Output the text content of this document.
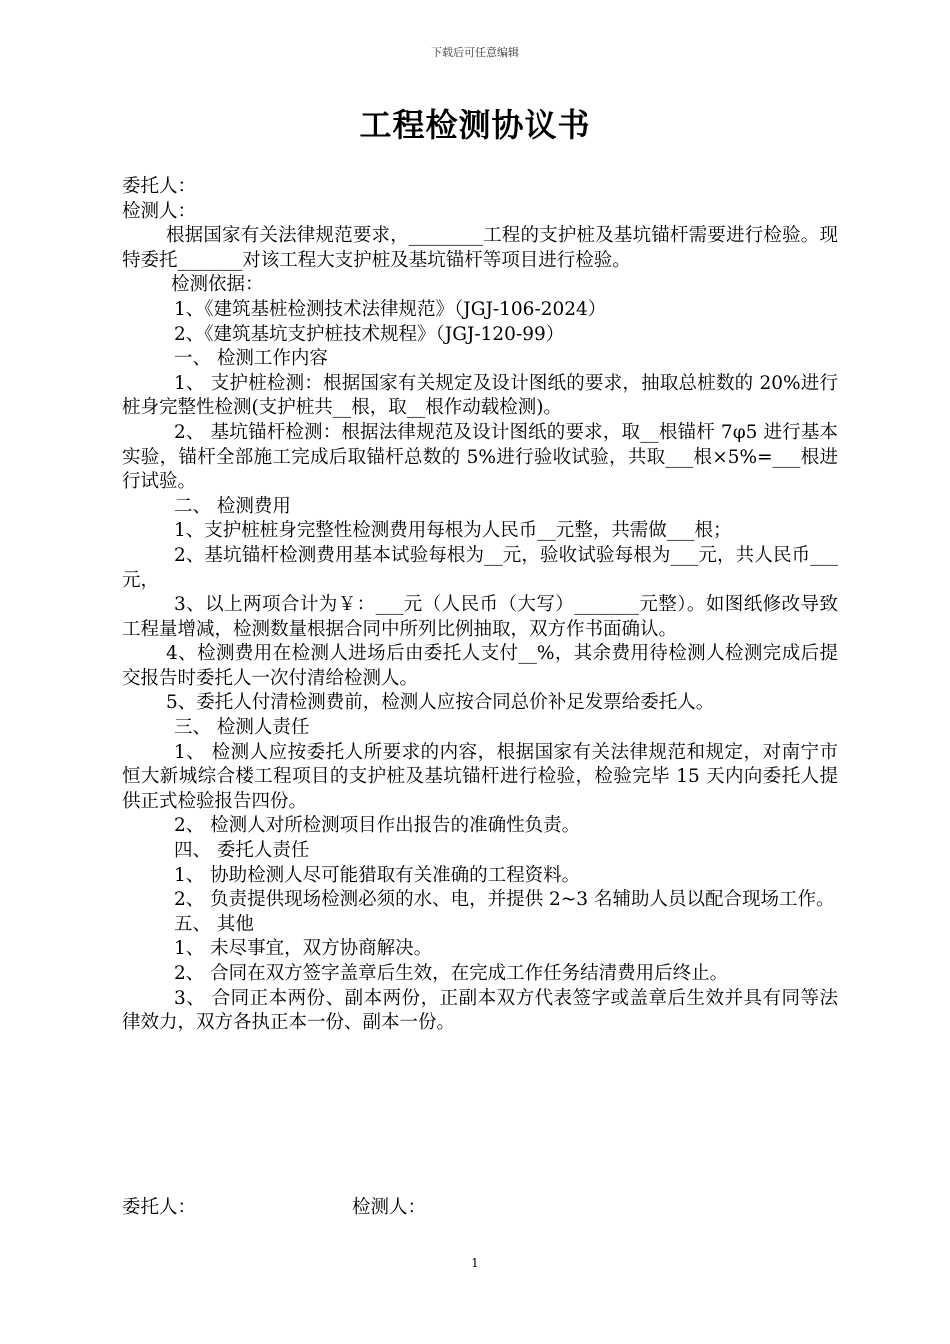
下载后可任意编辑
工程检测协议书

委托人：

检测人：

根据国家有关法律规范要求，________工程的支护桩及基坑锚杆需要进行检验。现特委托_______对该工程大支护桩及基坑锚杆等项目进行检验。

检测依据：

1、《建筑基桩检测技术法律规范》（JGJ-106-2024）

2、《建筑基坑支护桩技术规程》（JGJ-120-99）

一、 检测工作内容

1、 支护桩检测：根据国家有关规定及设计图纸的要求，抽取总桩数的 20%进行桩身完整性检测(支护桩共__根，取__根作动载检测)。

2、 基坑锚杆检测：根据法律规范及设计图纸的要求，取__根锚杆 7φ5 进行基本实验，锚杆全部施工完成后取锚杆总数的 5%进行验收试验，共取___根×5%=___根进行试验。

二、 检测费用

1、支护桩桩身完整性检测费用每根为人民币__元整，共需做___根；

2、基坑锚杆检测费用基本试验每根为__元，验收试验每根为___元，共人民币___元，

3、以上两项合计为￥：___元（人民币（大写）_______元整）。如图纸修改导致工程量增减，检测数量根据合同中所列比例抽取，双方作书面确认。

4、检测费用在检测人进场后由委托人支付__%，其余费用待检测人检测完成后提交报告时委托人一次付清给检测人。

5、委托人付清检测费前，检测人应按合同总价补足发票给委托人。

三、 检测人责任

1、 检测人应按委托人所要求的内容，根据国家有关法律规范和规定，对南宁市恒大新城综合楼工程项目的支护桩及基坑锚杆进行检验，检验完毕 15 天内向委托人提供正式检验报告四份。

2、 检测人对所检测项目作出报告的准确性负责。

四、 委托人责任

1、 协助检测人尽可能猎取有关准确的工程资料。

2、 负责提供现场检测必须的水、电，并提供 2~3 名辅助人员以配合现场工作。

五、 其他

1、 未尽事宜，双方协商解决。

2、 合同在双方签字盖章后生效，在完成工作任务结清费用后终止。

3、 合同正本两份、副本两份，正副本双方代表签字或盖章后生效并具有同等法律效力，双方各执正本一份、副本一份。

委托人：	检测人：
1
